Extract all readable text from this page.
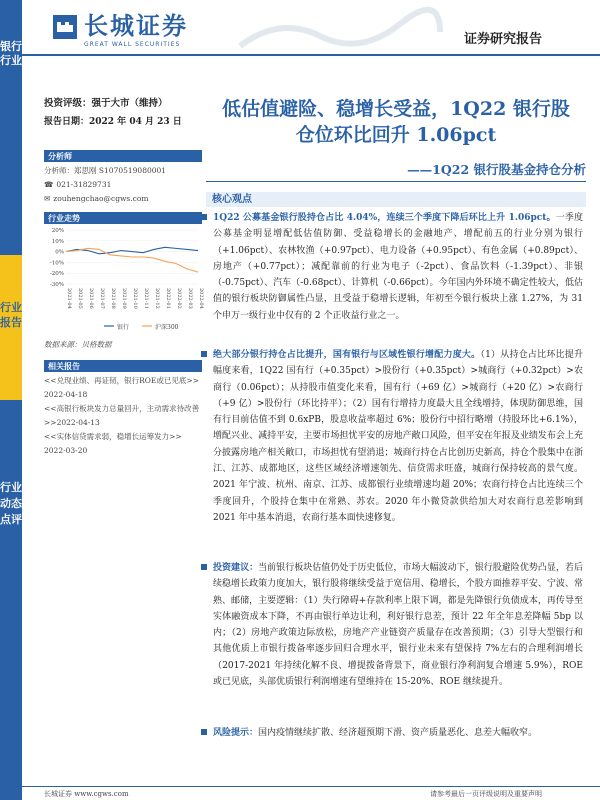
银行行业
行业报告
行业动态点评
长城证券
GREAT WALL SECURITIES	证券研究报告
投资评级：强于大市（维持）
报告日期：2022 年 04 月 23 日
分析师
分析师：郑思刚 S1070519080001
☎ 021-31829731
✉ zouhengchao@cgws.com
行业走势
20%
10%
0%
-10%
-20%
-30%
2021-04 2021-05 2021-06 2021-07 2021-08 2021-09 2021-10 2021-11 2021-12 2022-01 2022-02 2022-03 2022-04
银行	沪深300
数据来源：贝格数据
相关报告
<<兑现业绩、再证韧，银行ROE或已见底>>
2022-04-18
<<高银行板块发力总量回升，主动需求待改善>>2022-04-13
<<实体信贷需求弱，稳增长运筹发力>>
2022-03-20
低估值避险、稳增长受益，1Q22 银行股
仓位环比回升 1.06pct
——1Q22 银行股基金持仓分析
核心观点
1Q22 公募基金银行股持仓占比 4.04%，连续三个季度下降后环比上升 1.06pct。一季度公募基金明显增配低估值防御、受益稳增长的金融地产、增配前五的行业分别为银行（+1.06pct）、农林牧渔（+0.97pct）、电力设备（+0.95pct）、有色金属（+0.89pct）、房地产（+0.77pct）；减配靠前的行业为电子（-2pct）、食品饮料（-1.39pct）、非银（-0.75pct）、汽车（-0.68pct）、计算机（-0.66pct）。今年国内外环境不确定性较大，低估值的银行板块防御属性凸显，且受益于稳增长逻辑，年初至今银行板块上涨 1.27%，为 31 个申万一级行业中仅有的 2 个正收益行业之一。
绝大部分银行持仓占比提升，国有银行与区域性银行增配力度大。（1）从持仓占比环比提升幅度来看，1Q22 国有行（+0.35pct）>股份行（+0.35pct）>城商行（+0.32pct）>农商行（0.06pct）；从持股市值变化来看，国有行（+69 亿）>城商行（+20 亿）>农商行（+9 亿）>股份行（环比持平）；（2）国有行增持力度最大且全线增持，体现防御思维，国有行目前估值不到 0.6xPB，股息收益率超过 6%；股份行中招行略增（持股环比+6.1%），增配兴业、减持平安，主要市场担忧平安的房地产敞口风险，但平安在年报及业绩发布会上充分披露房地产相关敞口，市场担忧有望消退；城商行持仓占比创历史新高，持仓个股集中在浙江、江苏、成都地区，这些区域经济增速领先、信贷需求旺盛，城商行保持较高的景气度。2021 年宁波、杭州、南京、江苏、成都银行业绩增速均超 20%；农商行持仓占比连续三个季度回升，个股持仓集中在常熟、苏农。2020 年小微贷款供给加大对农商行息差影响到 2021 年中基本消退，农商行基本面快速修复。
投资建议：当前银行板块估值仍处于历史低位，市场大幅波动下，银行股避险优势凸显，若后续稳增长政策力度加大，银行股将继续受益于宽信用、稳增长，个股方面推荐平安、宁波、常熟、邮储，主要逻辑：（1）失行障碍+存款利率上限下调，都是先降银行负债成本，再传导至实体融资成本下降，不再由银行单边让利，利好银行息差，预计 22 年全年息差降幅 5bp 以内；（2）房地产政策边际放松，房地产产业链资产质量存在改善预期；（3）引导大型银行和其他优质上市银行拨备率逐步回归合理水平，银行业未来有望保持 7%左右的合理利润增长（2017-2021 年持续化解不良、增提拨备背景下，商业银行净利润复合增速 5.9%），ROE 或已见底，头部优质银行利润增速有望维持在 15-20%、ROE 继续提升。
风险提示：国内疫情继续扩散、经济超预期下滑、资产质量恶化、息差大幅收窄。
长城证券 www.cgws.com	请参考最后一页评级说明及重要声明
